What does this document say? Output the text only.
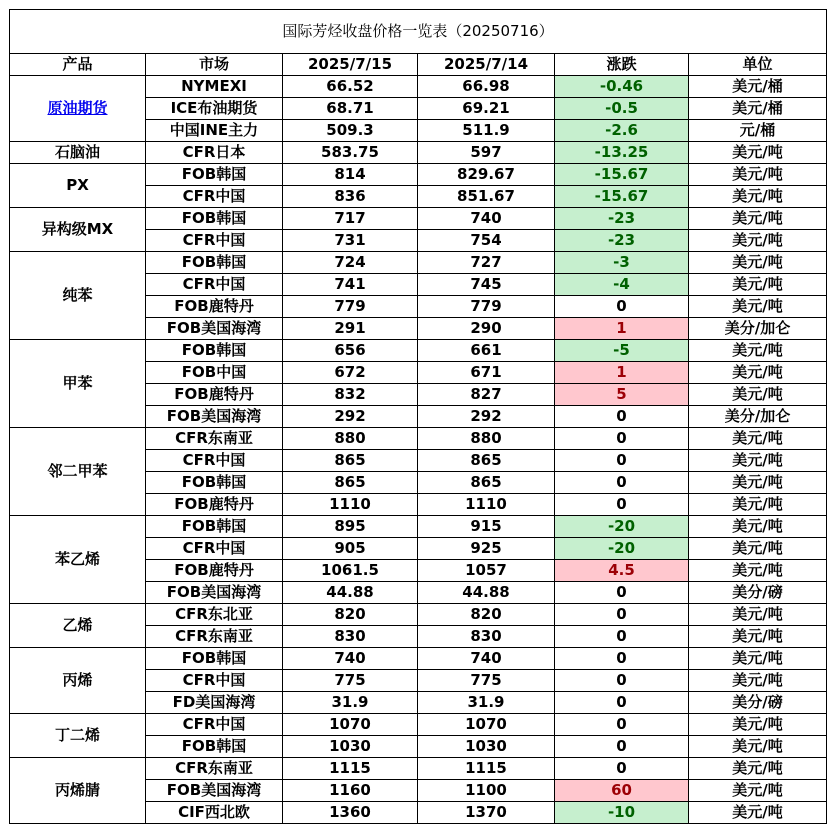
国际芳烃收盘价格一览表（20250716）					
产品	市场	2025/7/15	2025/7/14	涨跌	单位
原油期货	NYMEXI	66.52	66.98	-0.46	美元/桶
	ICE布油期货	68.71	69.21	-0.5	美元/桶
	中国INE主力	509.3	511.9	-2.6	元/桶
石脑油	CFR日本	583.75	597	-13.25	美元/吨
PX	FOB韩国	814	829.67	-15.67	美元/吨
	CFR中国	836	851.67	-15.67	美元/吨
异构级MX	FOB韩国	717	740	-23	美元/吨
	CFR中国	731	754	-23	美元/吨
纯苯	FOB韩国	724	727	-3	美元/吨
	CFR中国	741	745	-4	美元/吨
	FOB鹿特丹	779	779	0	美元/吨
	FOB美国海湾	291	290	1	美分/加仑
甲苯	FOB韩国	656	661	-5	美元/吨
	FOB中国	672	671	1	美元/吨
	FOB鹿特丹	832	827	5	美元/吨
	FOB美国海湾	292	292	0	美分/加仑
邻二甲苯	CFR东南亚	880	880	0	美元/吨
	CFR中国	865	865	0	美元/吨
	FOB韩国	865	865	0	美元/吨
	FOB鹿特丹	1110	1110	0	美元/吨
苯乙烯	FOB韩国	895	915	-20	美元/吨
	CFR中国	905	925	-20	美元/吨
	FOB鹿特丹	1061.5	1057	4.5	美元/吨
	FOB美国海湾	44.88	44.88	0	美分/磅
乙烯	CFR东北亚	820	820	0	美元/吨
	CFR东南亚	830	830	0	美元/吨
丙烯	FOB韩国	740	740	0	美元/吨
	CFR中国	775	775	0	美元/吨
	FD美国海湾	31.9	31.9	0	美分/磅
丁二烯	CFR中国	1070	1070	0	美元/吨
	FOB韩国	1030	1030	0	美元/吨
丙烯腈	CFR东南亚	1115	1115	0	美元/吨
	FOB美国海湾	1160	1100	60	美元/吨
	CIF西北欧	1360	1370	-10	美元/吨
